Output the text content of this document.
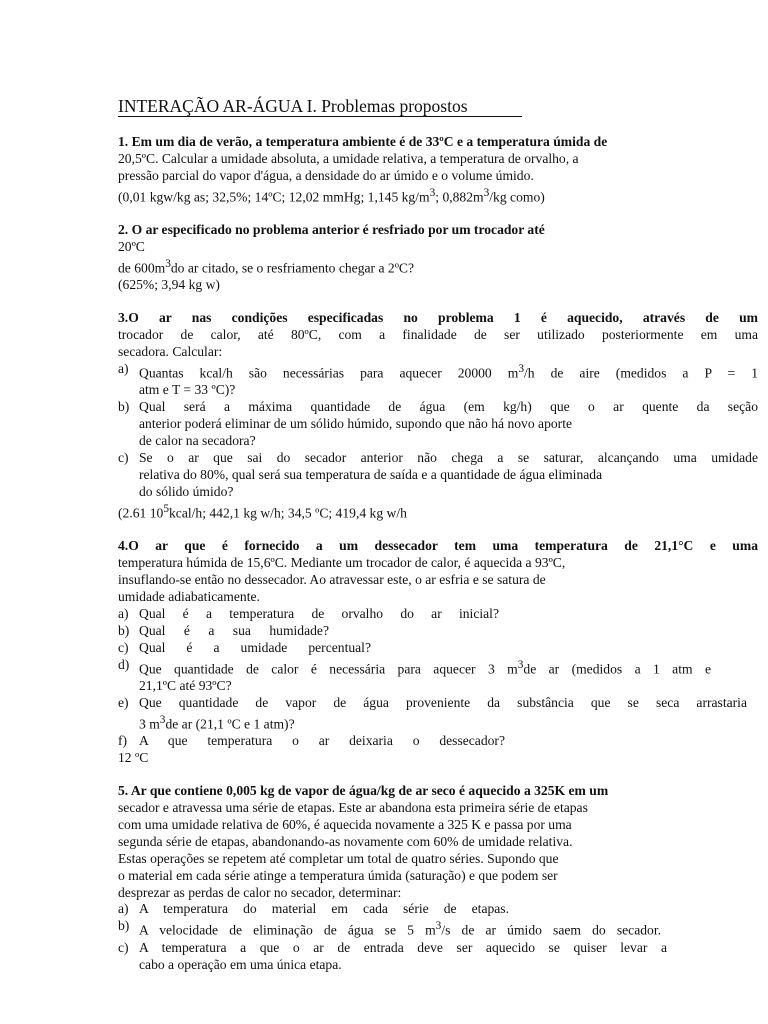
INTERAÇÃO AR-ÁGUA I. Problemas propostos
1. Em um dia de verão, a temperatura ambiente é de 33ºC e a temperatura úmida de
20,5ºC. Calcular a umidade absoluta, a umidade relativa, a temperatura de orvalho, a
pressão parcial do vapor d'água, a densidade do ar úmido e o volume úmido.
(0,01 kgw/kg as; 32,5%; 14ºC; 12,02 mmHg; 1,145 $kg/m^3$; $0,882m^3/kg$ como)
2. O ar especificado no problema anterior é resfriado por um trocador até
20ºC
de $600m^3do$ ar citado, se o resfriamento chegar a 2ºC?
(625%; 3,94 kg w)
3.O ar nas condições especificadas no problema 1 é aquecido, através de um
trocador de calor, até 80ºC, com a finalidade de ser utilizado posteriormente em uma
secadora. Calcular:
a) Quantas kcal/h são necessárias para aquecer 20000 $m^3/h$ de aire (medidos a P = 1
atm e T = 33 ºC)?
b) Qual será a máxima quantidade de água (em kg/h) que o ar quente da seção
anterior poderá eliminar de um sólido húmido, supondo que não há novo aporte
de calor na secadora?
c) Se o ar que sai do secador anterior não chega a se saturar, alcançando uma umidade
relativa do 80%, qual será sua temperatura de saída e a quantidade de água eliminada
do sólido úmido?
(2.61 $10^5kcal/h$; 442,1 kg w/h; 34,5 ºC; 419,4 kg w/h
4.O ar que é fornecido a um dessecador tem uma temperatura de 21,1°C e uma
temperatura húmida de 15,6ºC. Mediante um trocador de calor, é aquecida a 93ºC,
insuflando-se então no dessecador. Ao atravessar este, o ar esfria e se satura de
umidade adiabaticamente.
a) Qual é a temperatura de orvalho do ar inicial?
b) Qual é a sua humidade?
c) Qual é a umidade percentual?
d) Que quantidade de calor é necessária para aquecer 3 $m^3de$ ar (medidos a 1 atm e
21,1ºC até 93ºC?
e) Que quantidade de vapor de água proveniente da substância que se seca arrastaria
3 $m^3de$ ar (21,1 ºC e 1 atm)?
f) A que temperatura o ar deixaria o dessecador?
12 ºC
5. Ar que contiene 0,005 kg de vapor de água/kg de ar seco é aquecido a 325K em um
secador e atravessa uma série de etapas. Este ar abandona esta primeira série de etapas
com uma umidade relativa de 60%, é aquecida novamente a 325 K e passa por uma
segunda série de etapas, abandonando-as novamente com 60% de umidade relativa.
Estas operações se repetem até completar um total de quatro séries. Supondo que
o material em cada série atinge a temperatura úmida (saturação) e que podem ser
desprezar as perdas de calor no secador, determinar:
a) A temperatura do material em cada série de etapas.
b) A velocidade de eliminação de água se 5 $m^3/s$ de ar úmido saem do secador.
c) A temperatura a que o ar de entrada deve ser aquecido se quiser levar a
cabo a operação em uma única etapa.
